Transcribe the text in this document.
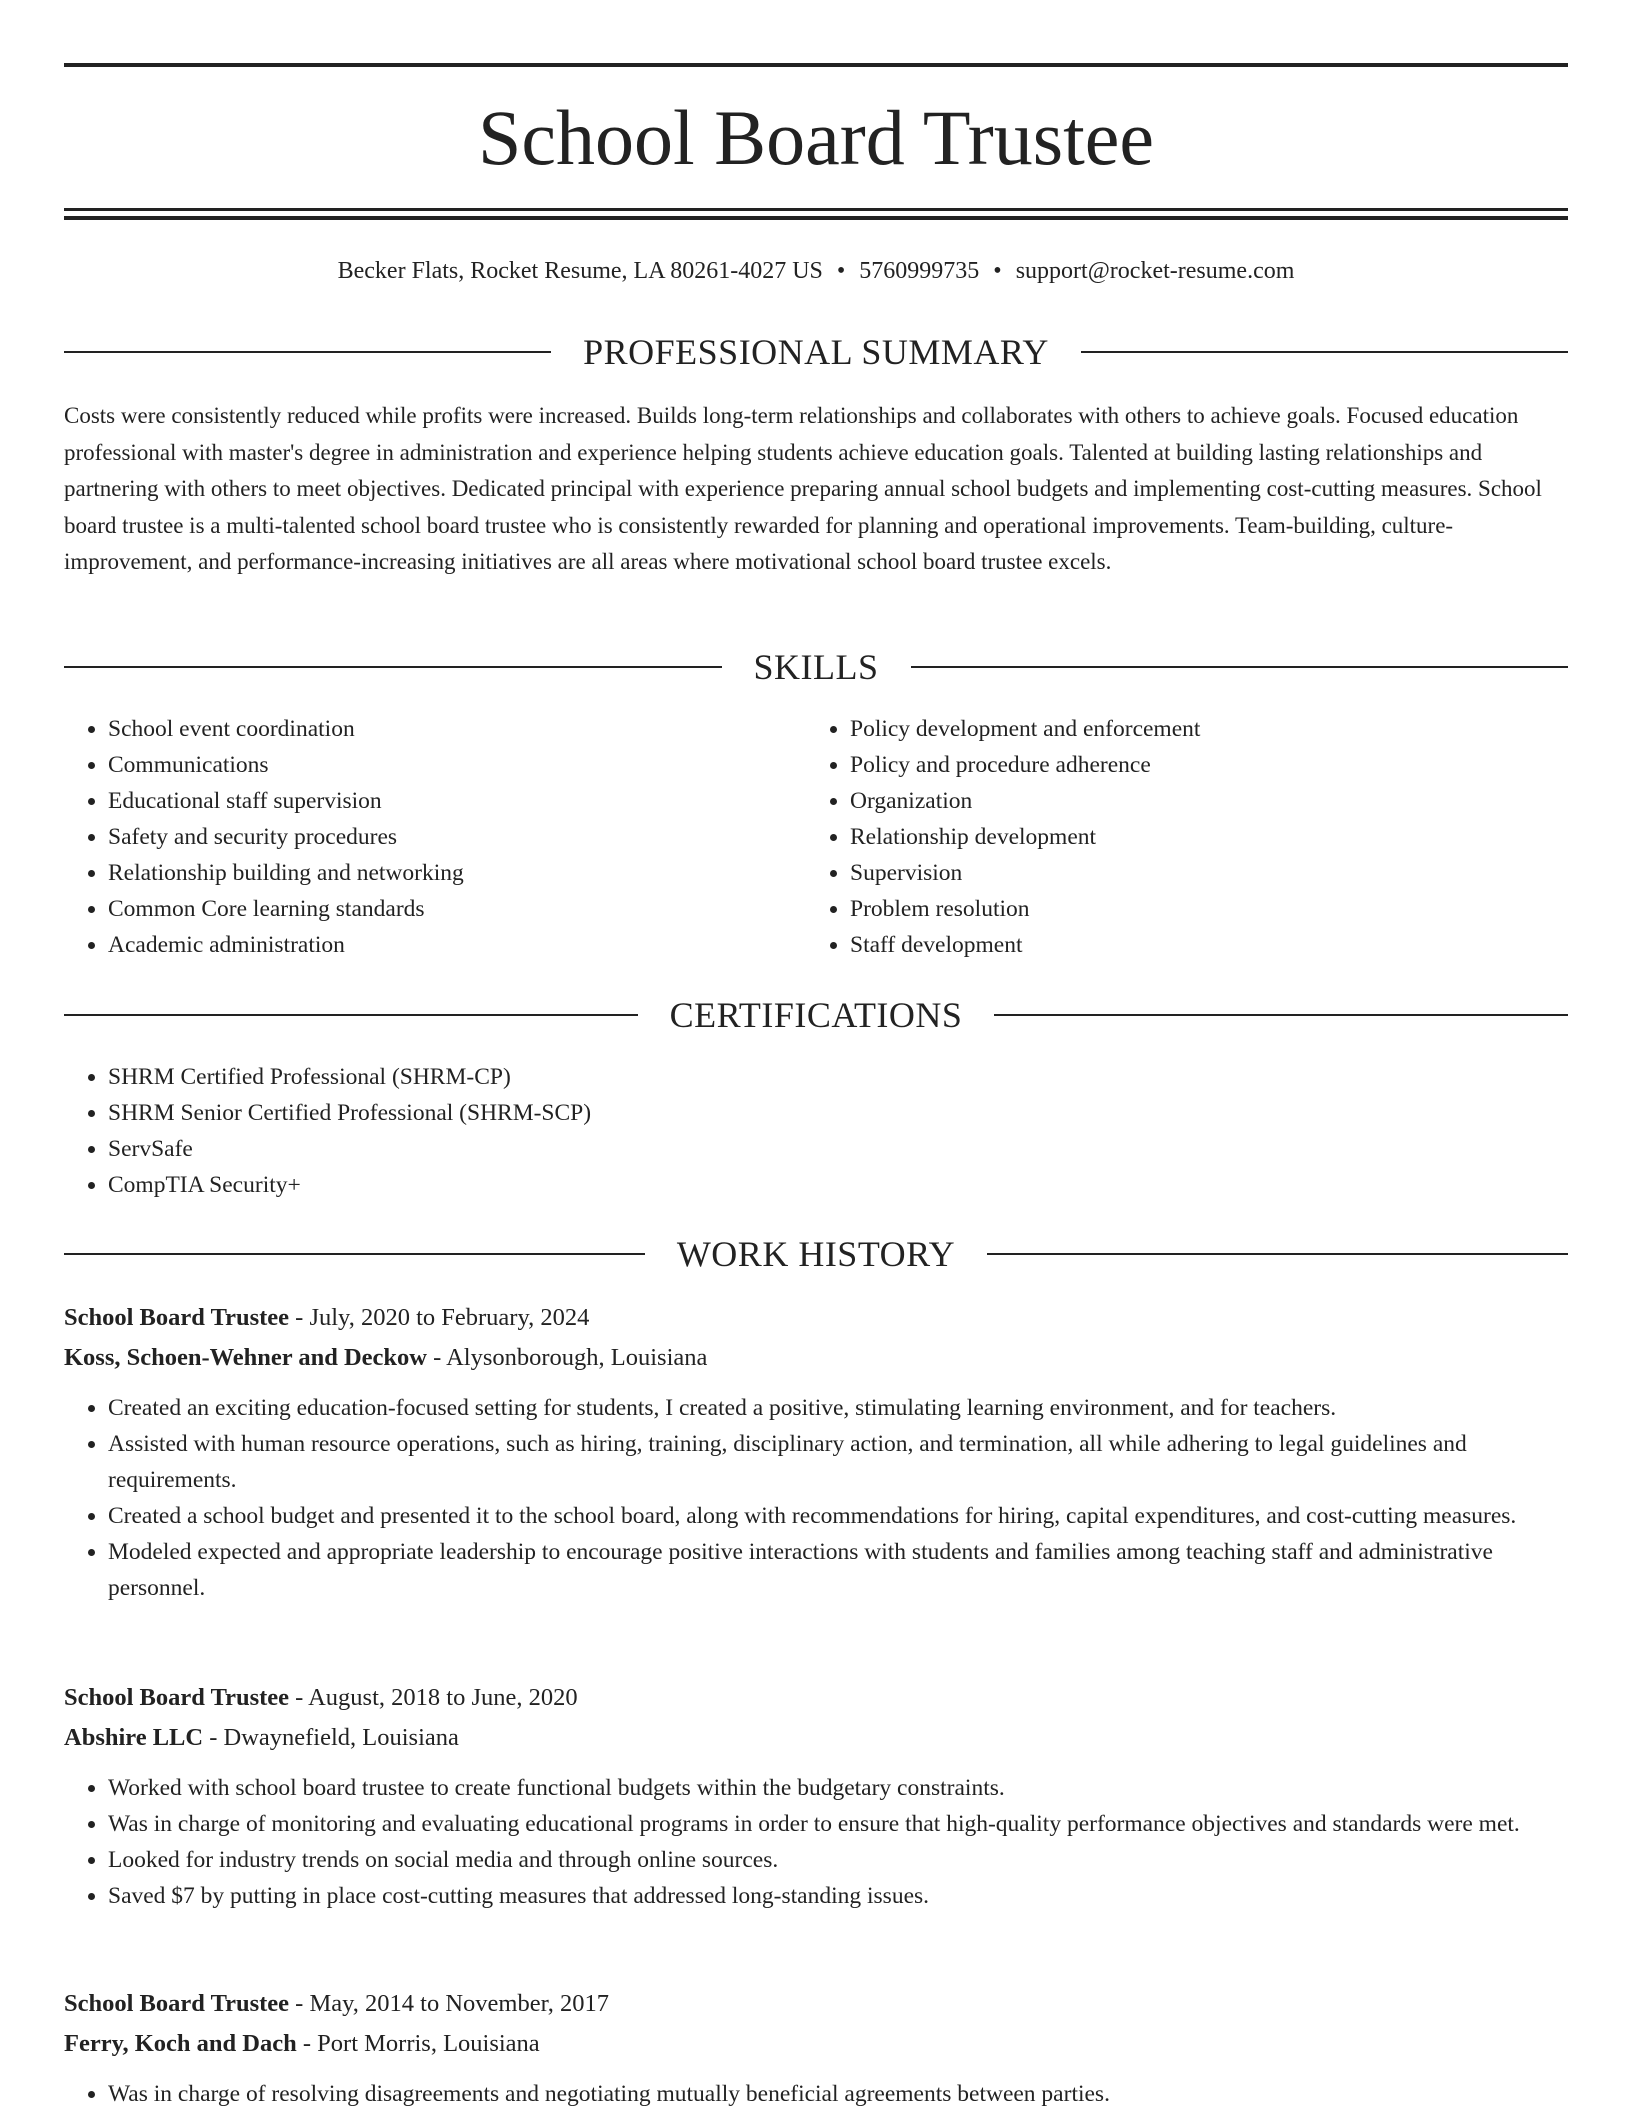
School Board Trustee
Becker Flats, Rocket Resume, LA 80261-4027 US • 5760999735 • support@rocket-resume.com
PROFESSIONAL SUMMARY

Costs were consistently reduced while profits were increased. Builds long-term relationships and collaborates with others to achieve goals. Focused education professional with master's degree in administration and experience helping students achieve education goals. Talented at building lasting relationships and partnering with others to meet objectives. Dedicated principal with experience preparing annual school budgets and implementing cost-cutting measures. School board trustee is a multi-talented school board trustee who is consistently rewarded for planning and operational improvements. Team-building, culture-improvement, and performance-increasing initiatives are all areas where motivational school board trustee excels.

SKILLS
• School event coordination
• Communications
• Educational staff supervision
• Safety and security procedures
• Relationship building and networking
• Common Core learning standards
• Academic administration
• Policy development and enforcement
• Policy and procedure adherence
• Organization
• Relationship development
• Supervision
• Problem resolution
• Staff development
CERTIFICATIONS
• SHRM Certified Professional (SHRM-CP)
• SHRM Senior Certified Professional (SHRM-SCP)
• ServSafe
• CompTIA Security+
WORK HISTORY
School Board Trustee - July, 2020 to February, 2024
Koss, Schoen-Wehner and Deckow - Alysonborough, Louisiana
• Created an exciting education-focused setting for students, I created a positive, stimulating learning environment, and for teachers.
• Assisted with human resource operations, such as hiring, training, disciplinary action, and termination, all while adhering to legal guidelines and requirements.
• Created a school budget and presented it to the school board, along with recommendations for hiring, capital expenditures, and cost-cutting measures.
• Modeled expected and appropriate leadership to encourage positive interactions with students and families among teaching staff and administrative personnel.
School Board Trustee - August, 2018 to June, 2020
Abshire LLC - Dwaynefield, Louisiana
• Worked with school board trustee to create functional budgets within the budgetary constraints.
• Was in charge of monitoring and evaluating educational programs in order to ensure that high-quality performance objectives and standards were met.
• Looked for industry trends on social media and through online sources.
• Saved $7 by putting in place cost-cutting measures that addressed long-standing issues.
School Board Trustee - May, 2014 to November, 2017
Ferry, Koch and Dach - Port Morris, Louisiana
• Was in charge of resolving disagreements and negotiating mutually beneficial agreements between parties.
